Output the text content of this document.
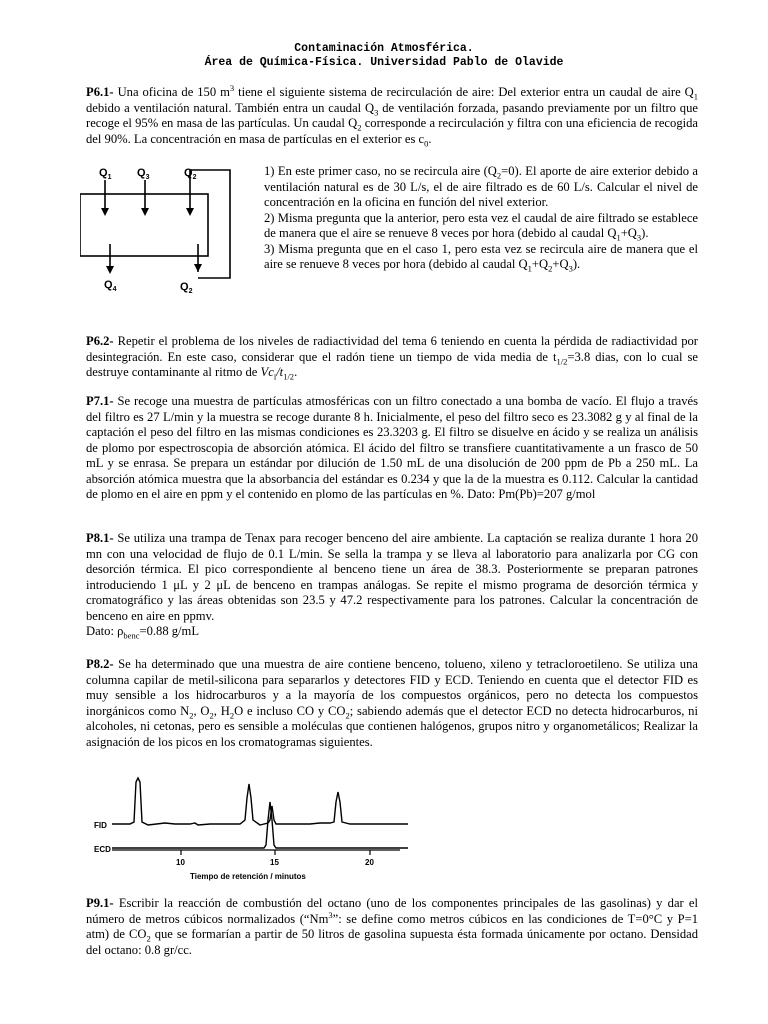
Contaminación Atmosférica.
Área de Química-Física. Universidad Pablo de Olavide

P6.1- Una oficina de 150 $m^3$ tiene el siguiente sistema de recirculación de aire: Del exterior entra un caudal de aire $Q_1$ debido a ventilación natural. También entra un caudal $Q_3$ de ventilación forzada, pasando previamente por un filtro que recoge el 95% en masa de las partículas. Un caudal $Q_2$ corresponde a recirculación y filtra con una eficiencia de recogida del 90%. La concentración en masa de partículas en el exterior es $c_0$.

$Q_1$ $Q_3$	$Q_2$
$Q_4$	$Q_2$
1) En este primer caso, no se recircula aire $(Q_2=0)$. El aporte de aire exterior debido a ventilación natural es de 30 L/s, el de aire filtrado es de 60 L/s. Calcular el nivel de concentración en la oficina en función del nivel exterior.
2) Misma pregunta que la anterior, pero esta vez el caudal de aire filtrado se establece de manera que el aire se renueve 8 veces por hora (debido al caudal $Q_1+Q_3$).
3) Misma pregunta que en el caso 1, pero esta vez se recircula aire de manera que el aire se renueve 8 veces por hora (debido al caudal $Q_1+Q_2+Q_3$).

P6.2- Repetir el problema de los niveles de radiactividad del tema 6 teniendo en cuenta la pérdida de radiactividad por desintegración. En este caso, considerar que el radón tiene un tiempo de vida media de $t_{1/2}=3.8$ dias, con lo cual se destruye contaminante al ritmo de $Vc_i/t_{1/2}$.

P7.1- Se recoge una muestra de partículas atmosféricas con un filtro conectado a una bomba de vacío. El flujo a través del filtro es 27 L/min y la muestra se recoge durante 8 h. Inicialmente, el peso del filtro seco es 23.3082 g y al final de la captación el peso del filtro en las mismas condiciones es 23.3203 g. El filtro se disuelve en ácido y se realiza un análisis de plomo por espectroscopia de absorción atómica. El ácido del filtro se transfiere cuantitativamente a un frasco de 50 mL y se enrasa. Se prepara un estándar por dilución de 1.50 mL de una disolución de 200 ppm de Pb a 250 mL. La absorción atómica muestra que la absorbancia del estándar es 0.234 y que la de la muestra es 0.112. Calcular la cantidad de plomo en el aire en ppm y el contenido en plomo de las partículas en %. Dato: Pm(Pb)=207 g/mol

P8.1- Se utiliza una trampa de Tenax para recoger benceno del aire ambiente. La captación se realiza durante 1 hora 20 mn con una velocidad de flujo de 0.1 L/min. Se sella la trampa y se lleva al laboratorio para analizarla por CG con desorción térmica. El pico correspondiente al benceno tiene un área de 38.3. Posteriormente se preparan patrones introduciendo 1 μL y 2 μL de benceno en trampas análogas. Se repite el mismo programa de desorción térmica y cromatográfico y las áreas obtenidas son 23.5 y 47.2 respectivamente para los patrones. Calcular la concentración de benceno en aire en ppmv.
Dato: $\rho_{benc}=0.88$ g/mL

P8.2- Se ha determinado que una muestra de aire contiene benceno, tolueno, xileno y tetracloroetileno. Se utiliza una columna capilar de metil-silicona para separarlos y detectores FID y ECD. Teniendo en cuenta que el detector FID es muy sensible a los hidrocarburos y a la mayoría de los compuestos orgánicos, pero no detecta los compuestos inorgánicos como $N_2$, $O_2$, $H_2O$ e incluso CO y $CO_2$; sabiendo además que el detector ECD no detecta hidrocarburos, ni alcoholes, ni cetonas, pero es sensible a moléculas que contienen halógenos, grupos nitro y organometálicos; Realizar la asignación de los picos en los cromatogramas siguientes.

FID
ECD
10	15	20
Tiempo de retención / minutos

P9.1- Escribir la reacción de combustión del octano (uno de los componentes principales de las gasolinas) y dar el número de metros cúbicos normalizados (“Nm$^3$”: se define como metros cúbicos en las condiciones de T=0°C y P=1 atm) de $CO_2$ que se formarían a partir de 50 litros de gasolina supuesta ésta formada únicamente por octano. Densidad del octano: 0.8 gr/cc.
